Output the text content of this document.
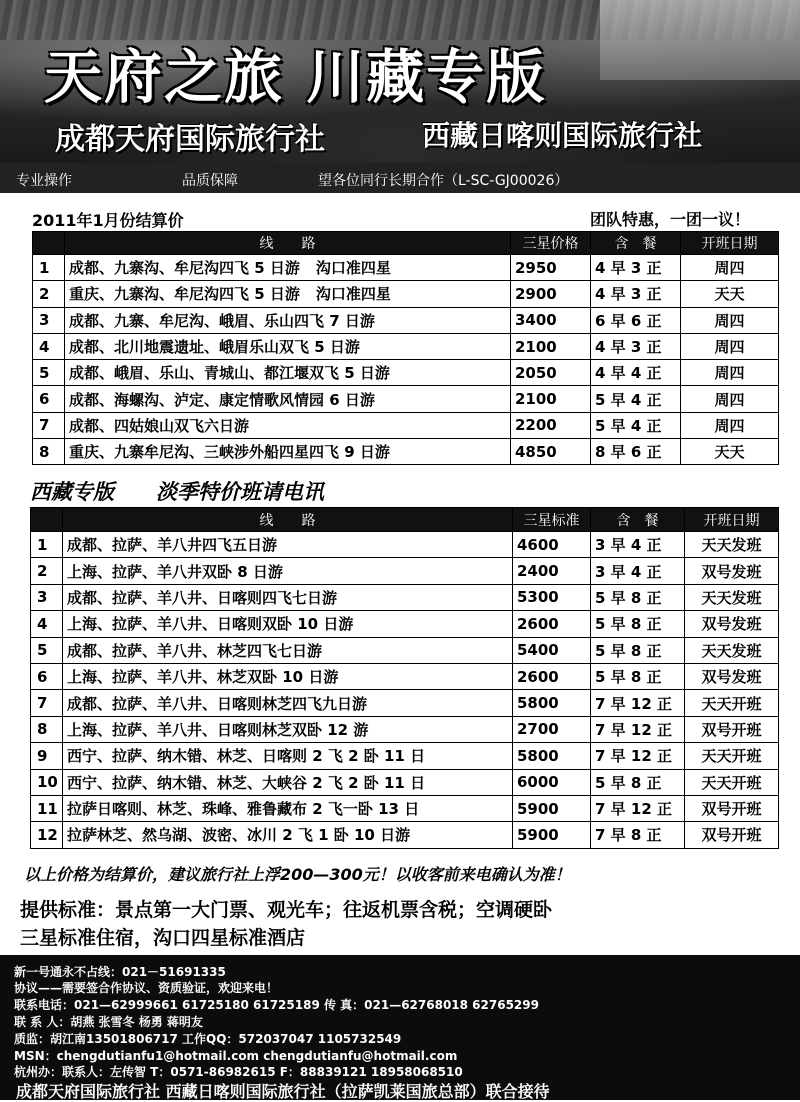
天府之旅 川藏专版
成都天府国际旅行社	西藏日喀则国际旅行社
专业操作	品质保障	望各位同行长期合作（L-SC-GJ00026）
2011年1月份结算价	团队特惠，一团一议！
	线　　路	三星价格	含　餐	开班日期
1	成都、九寨沟、牟尼沟四飞 5 日游 沟口准四星	2950	4 早 3 正	周四
2	重庆、九寨沟、牟尼沟四飞 5 日游 沟口准四星	2900	4 早 3 正	天天
3	成都、九寨、牟尼沟、峨眉、乐山四飞 7 日游	3400	6 早 6 正	周四
4	成都、北川地震遗址、峨眉乐山双飞 5 日游	2100	4 早 3 正	周四
5	成都、峨眉、乐山、青城山、都江堰双飞 5 日游	2050	4 早 4 正	周四
6	成都、海螺沟、泸定、康定情歌风情园 6 日游	2100	5 早 4 正	周四
7	成都、四姑娘山双飞六日游	2200	5 早 4 正	周四
8	重庆、九寨牟尼沟、三峡涉外船四星四飞 9 日游	4850	8 早 6 正	天天
西藏专版　　淡季特价班请电讯
	线　　路	三星标准	含　餐	开班日期
1	成都、拉萨、羊八井四飞五日游	4600	3 早 4 正	天天发班
2	上海、拉萨、羊八井双卧 8 日游	2400	3 早 4 正	双号发班
3	成都、拉萨、羊八井、日喀则四飞七日游	5300	5 早 8 正	天天发班
4	上海、拉萨、羊八井、日喀则双卧 10 日游	2600	5 早 8 正	双号发班
5	成都、拉萨、羊八井、林芝四飞七日游	5400	5 早 8 正	天天发班
6	上海、拉萨、羊八井、林芝双卧 10 日游	2600	5 早 8 正	双号发班
7	成都、拉萨、羊八井、日喀则林芝四飞九日游	5800	7 早 12 正	天天开班
8	上海、拉萨、羊八井、日喀则林芝双卧 12 游	2700	7 早 12 正	双号开班
9	西宁、拉萨、纳木错、林芝、日喀则 2 飞 2 卧 11 日	5800	7 早 12 正	天天开班
10	西宁、拉萨、纳木错、林芝、大峡谷 2 飞 2 卧 11 日	6000	5 早 8 正	天天开班
11	拉萨日喀则、林芝、珠峰、雅鲁藏布 2 飞一卧 13 日	5900	7 早 12 正	双号开班
12	拉萨林芝、然乌湖、波密、冰川 2 飞 1 卧 10 日游	5900	7 早 8 正	双号开班
以上价格为结算价，建议旅行社上浮200—300元！以收客前来电确认为准！
提供标准：景点第一大门票、观光车；往返机票含税；空调硬卧
三星标准住宿，沟口四星标准酒店
新一号通永不占线：021－51691335
协议——需要签合作协议、资质验证，欢迎来电！
联系电话：021—62999661 61725180 61725189 传 真：021—62768018 62765299
联 系 人：胡燕 张雪冬 杨勇 蒋明友
质监：胡江南13501806717 工作QQ：572037047 1105732549
MSN：chengdutianfu1@hotmail.com chengdutianfu@hotmail.com
杭州办：联系人：左传智 T：0571-86982615 F：88839121 18958068510
成都天府国际旅行社 西藏日喀则国际旅行社（拉萨凯莱国旅总部）联合接待
